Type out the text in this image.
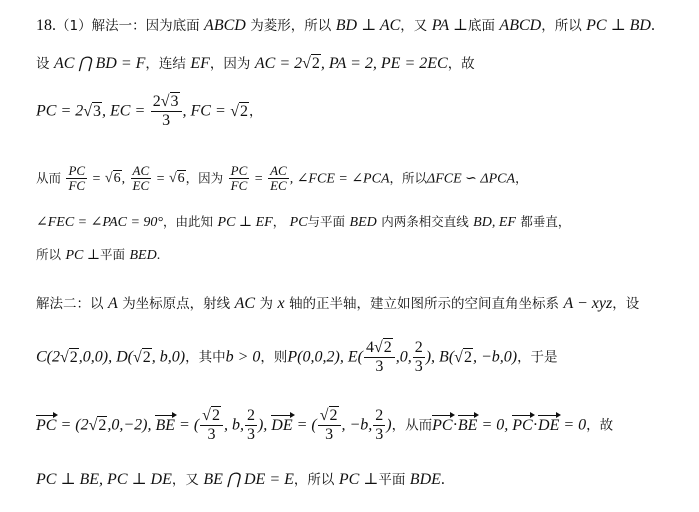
18.（1）解法一：因为底面 ABCD 为菱形，所以 BD ⊥ AC，又 PA ⊥底面 ABCD，所以 PC ⊥ BD.
设 AC ⋂ BD = F，连结 EF，因为 AC = 2√2, PA = 2, PE = 2EC，故
PC = 2√3, EC = $\frac{2√3}{3}$ , FC = √2，
从而 $\frac{PC}{FC} = √6$, $\frac{AC}{EC} = √6$，因为 $\frac{PC}{FC} = \frac{AC}{EC}$ , ∠FCE = ∠PCA，所以ΔFCE ∽ ΔPCA，
∠FEC = ∠PAC = 90°，由此知 PC ⊥ EF， PC与平面 BED 内两条相交直线 BD, EF 都垂直，
所以 PC ⊥平面 BED.
解法二：以 A 为坐标原点，射线 AC 为 x 轴的正半轴，建立如图所示的空间直角坐标系 A − xyz，设
C(2√2,0,0), D(√2, b,0)，其中b > 0，则P(0,0,2), $E( \frac{4√2}{3} ,0$, $\frac{2}{3}$ ), B(√2, −b,0)，于是
PC = (2√2,0,−2), BE = ( $\frac{√2}{3}$ , b, $\frac{2}{3}$ ), DE = ( $\frac{√2}{3}$ , −b, $\frac{2}{3}$ )，从而PC·BE = 0, PC·DE = 0，故
PC ⊥ BE, PC ⊥ DE，又 BE ⋂ DE = E，所以 PC ⊥平面 BDE.
